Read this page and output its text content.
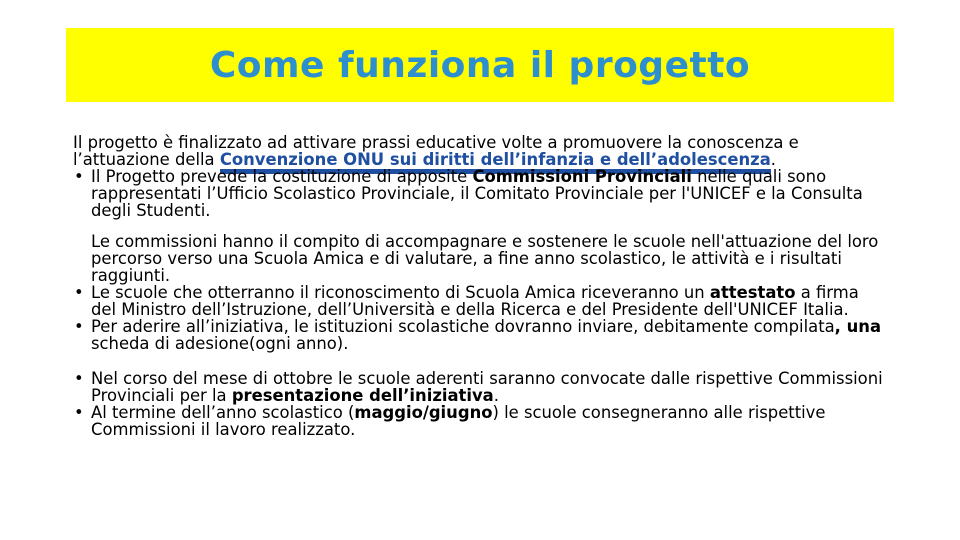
Come funziona il progetto

Il progetto è finalizzato ad attivare prassi educative volte a promuovere la conoscenza e l’attuazione della Convenzione ONU sui diritti dell’infanzia e dell’adolescenza.

• Il Progetto prevede la costituzione di apposite Commissioni Provinciali nelle quali sono rappresentati l’Ufficio Scolastico Provinciale, il Comitato Provinciale per l'UNICEF e la Consulta degli Studenti.

Le commissioni hanno il compito di accompagnare e sostenere le scuole nell'attuazione del loro percorso verso una Scuola Amica e di valutare, a fine anno scolastico, le attività e i risultati raggiunti.

• Le scuole che otterranno il riconoscimento di Scuola Amica riceveranno un attestato a firma del Ministro dell’Istruzione, dell’Università e della Ricerca e del Presidente dell'UNICEF Italia.

• Per aderire all’iniziativa, le istituzioni scolastiche dovranno inviare, debitamente compilata, una scheda di adesione(ogni anno).

• Nel corso del mese di ottobre le scuole aderenti saranno convocate dalle rispettive Commissioni Provinciali per la presentazione dell’iniziativa.

• Al termine dell’anno scolastico (maggio/giugno) le scuole consegneranno alle rispettive Commissioni il lavoro realizzato.
